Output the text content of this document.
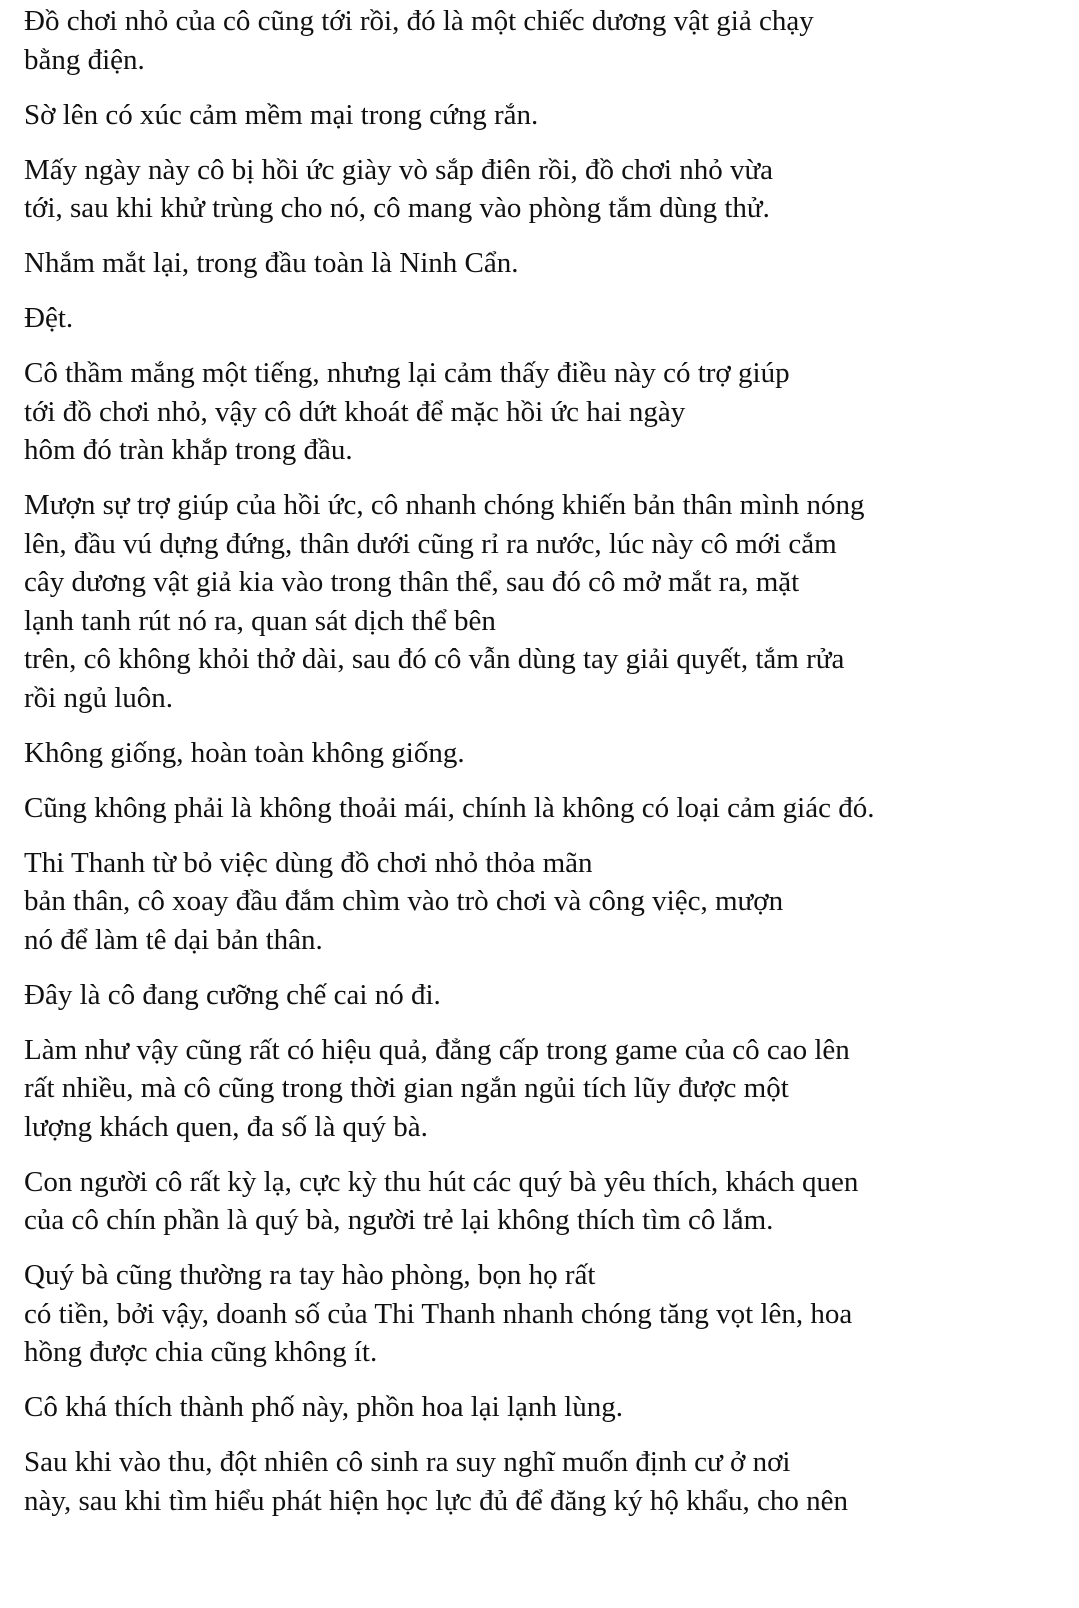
Đồ chơi nhỏ của cô cũng tới rồi, đó là một chiếc dương vật giả chạy
bằng điện.
Sờ lên có xúc cảm mềm mại trong cứng rắn.
Mấy ngày này cô bị hồi ức giày vò sắp điên rồi, đồ chơi nhỏ vừa
tới, sau khi khử trùng cho nó, cô mang vào phòng tắm dùng thử.
Nhắm mắt lại, trong đầu toàn là Ninh Cẩn.
Đệt.
Cô thầm mắng một tiếng, nhưng lại cảm thấy điều này có trợ giúp
tới đồ chơi nhỏ, vậy cô dứt khoát để mặc hồi ức hai ngày
hôm đó tràn khắp trong đầu.
Mượn sự trợ giúp của hồi ức, cô nhanh chóng khiến bản thân mình nóng
lên, đầu vú dựng đứng, thân dưới cũng rỉ ra nước, lúc này cô mới cắm
cây dương vật giả kia vào trong thân thể, sau đó cô mở mắt ra, mặt
lạnh tanh rút nó ra, quan sát dịch thể bên
trên, cô không khỏi thở dài, sau đó cô vẫn dùng tay giải quyết, tắm rửa
rồi ngủ luôn.
Không giống, hoàn toàn không giống.
Cũng không phải là không thoải mái, chính là không có loại cảm giác đó.
Thi Thanh từ bỏ việc dùng đồ chơi nhỏ thỏa mãn
bản thân, cô xoay đầu đắm chìm vào trò chơi và công việc, mượn
nó để làm tê dại bản thân.
Đây là cô đang cưỡng chế cai nó đi.
Làm như vậy cũng rất có hiệu quả, đẳng cấp trong game của cô cao lên
rất nhiều, mà cô cũng trong thời gian ngắn ngủi tích lũy được một
lượng khách quen, đa số là quý bà.
Con người cô rất kỳ lạ, cực kỳ thu hút các quý bà yêu thích, khách quen
của cô chín phần là quý bà, người trẻ lại không thích tìm cô lắm.
Quý bà cũng thường ra tay hào phòng, bọn họ rất
có tiền, bởi vậy, doanh số của Thi Thanh nhanh chóng tăng vọt lên, hoa
hồng được chia cũng không ít.
Cô khá thích thành phố này, phồn hoa lại lạnh lùng.
Sau khi vào thu, đột nhiên cô sinh ra suy nghĩ muốn định cư ở nơi
này, sau khi tìm hiểu phát hiện học lực đủ để đăng ký hộ khẩu, cho nên
